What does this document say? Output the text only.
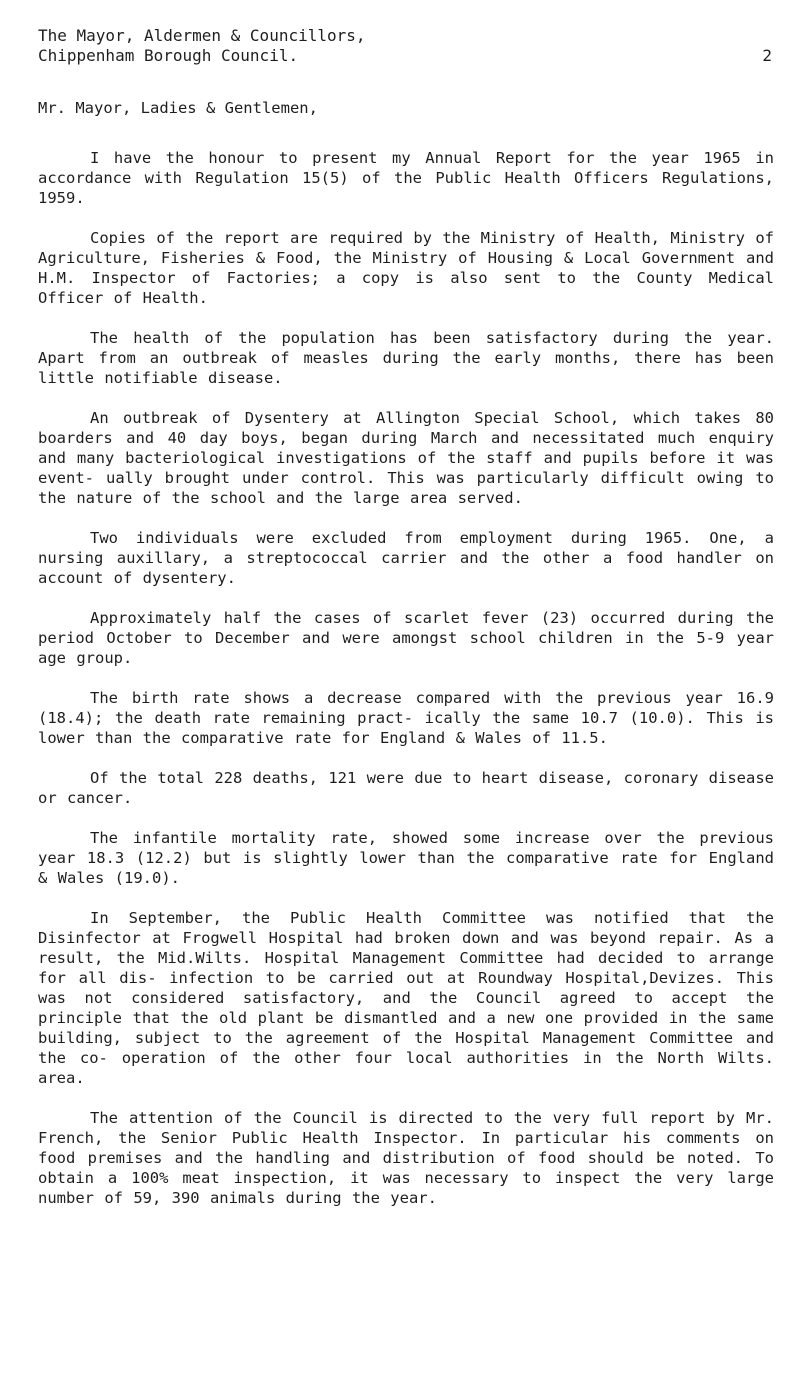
The Mayor, Aldermen & Councillors,
Chippenham Borough Council.	2
Mr. Mayor, Ladies & Gentlemen,

I have the honour to present my Annual Report for the year 1965 in accordance with Regulation 15(5) of the Public Health Officers Regulations, 1959.

Copies of the report are required by the Ministry of Health, Ministry of Agriculture, Fisheries & Food, the Ministry of Housing & Local Government and H.M. Inspector of Factories; a copy is also sent to the County Medical Officer of Health.

The health of the population has been satisfactory during the year. Apart from an outbreak of measles during the early months, there has been little notifiable disease.

An outbreak of Dysentery at Allington Special School, which takes 80 boarders and 40 day boys, began during March and necessitated much enquiry and many bacteriological investigations of the staff and pupils before it was event- ually brought under control. This was particularly difficult owing to the nature of the school and the large area served.

Two individuals were excluded from employment during 1965. One, a nursing auxillary, a streptococcal carrier and the other a food handler on account of dysentery.

Approximately half the cases of scarlet fever (23) occurred during the period October to December and were amongst school children in the 5-9 year age group.

The birth rate shows a decrease compared with the previous year 16.9 (18.4); the death rate remaining pract- ically the same 10.7 (10.0). This is lower than the comparative rate for England & Wales of 11.5.

Of the total 228 deaths, 121 were due to heart disease, coronary disease or cancer.

The infantile mortality rate, showed some increase over the previous year 18.3 (12.2) but is slightly lower than the comparative rate for England & Wales (19.0).

In September, the Public Health Committee was notified that the Disinfector at Frogwell Hospital had broken down and was beyond repair. As a result, the Mid.Wilts. Hospital Management Committee had decided to arrange for all dis- infection to be carried out at Roundway Hospital,Devizes. This was not considered satisfactory, and the Council agreed to accept the principle that the old plant be dismantled and a new one provided in the same building, subject to the agreement of the Hospital Management Committee and the co- operation of the other four local authorities in the North Wilts. area.

The attention of the Council is directed to the very full report by Mr. French, the Senior Public Health Inspector. In particular his comments on food premises and the handling and distribution of food should be noted. To obtain a 100% meat inspection, it was necessary to inspect the very large number of 59, 390 animals during the year.
